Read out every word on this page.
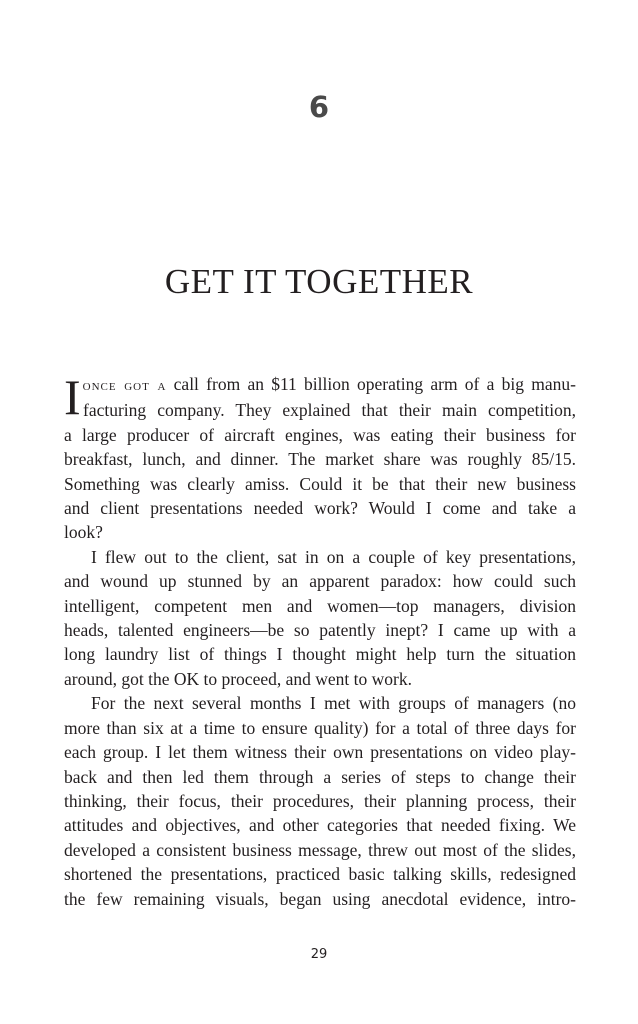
6
GET IT TOGETHER
I once got a call from an $11 billion operating arm of a big manu-
facturing company. They explained that their main competition,
a large producer of aircraft engines, was eating their business for
breakfast, lunch, and dinner. The market share was roughly 85/15.
Something was clearly amiss. Could it be that their new business
and client presentations needed work? Would I come and take a
look?
I flew out to the client, sat in on a couple of key presentations,
and wound up stunned by an apparent paradox: how could such
intelligent, competent men and women—top managers, division
heads, talented engineers—be so patently inept? I came up with a
long laundry list of things I thought might help turn the situation
around, got the OK to proceed, and went to work.
For the next several months I met with groups of managers (no
more than six at a time to ensure quality) for a total of three days for
each group. I let them witness their own presentations on video play-
back and then led them through a series of steps to change their
thinking, their focus, their procedures, their planning process, their
attitudes and objectives, and other categories that needed fixing. We
developed a consistent business message, threw out most of the slides,
shortened the presentations, practiced basic talking skills, redesigned
the few remaining visuals, began using anecdotal evidence, intro-
29
